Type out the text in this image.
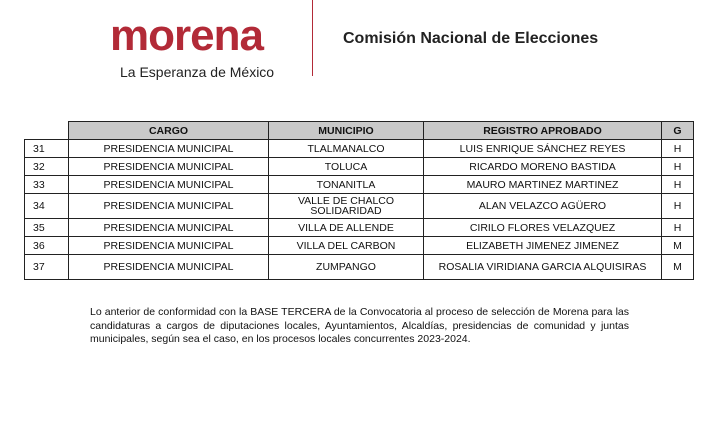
morena
La Esperanza de México
Comisión Nacional de Elecciones
	CARGO	MUNICIPIO	REGISTRO APROBADO	G
31	PRESIDENCIA MUNICIPAL	TLALMANALCO	LUIS ENRIQUE SÁNCHEZ REYES	H
32	PRESIDENCIA MUNICIPAL	TOLUCA	RICARDO MORENO BASTIDA	H
33	PRESIDENCIA MUNICIPAL	TONANITLA	MAURO MARTINEZ MARTINEZ	H
34	PRESIDENCIA MUNICIPAL	VALLE DE CHALCO SOLIDARIDAD	ALAN VELAZCO AGÜERO	H
35	PRESIDENCIA MUNICIPAL	VILLA DE ALLENDE	CIRILO FLORES VELAZQUEZ	H
36	PRESIDENCIA MUNICIPAL	VILLA DEL CARBON	ELIZABETH JIMENEZ JIMENEZ	M
37	PRESIDENCIA MUNICIPAL	ZUMPANGO	ROSALIA VIRIDIANA GARCIA ALQUISIRAS	M

Lo anterior de conformidad con la BASE TERCERA de la Convocatoria al proceso de selección de Morena para las candidaturas a cargos de diputaciones locales, Ayuntamientos, Alcaldías, presidencias de comunidad y juntas municipales, según sea el caso, en los procesos locales concurrentes 2023-2024.
